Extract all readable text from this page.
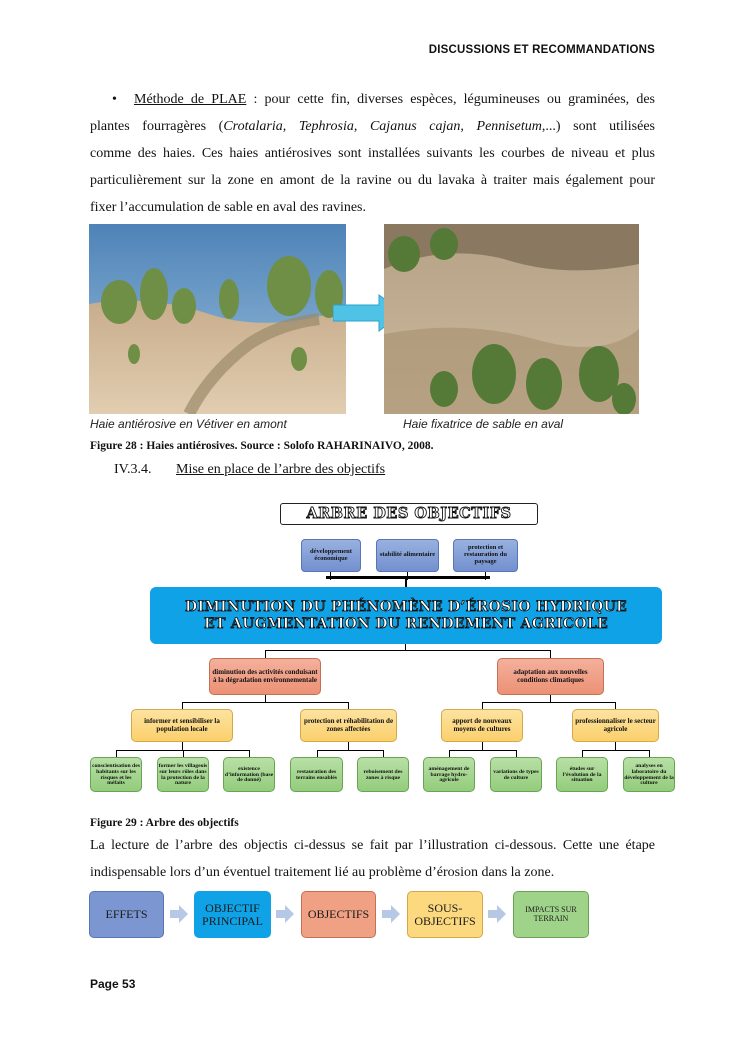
DISCUSSIONS ET RECOMMANDATIONS
• Méthode de PLAE : pour cette fin, diverses espèces, légumineuses ou graminées, des
plantes fourragères (Crotalaria, Tephrosia, Cajanus cajan, Pennisetum,...) sont utilisées
comme des haies. Ces haies antiérosives sont installées suivants les courbes de niveau et plus
particulièrement sur la zone en amont de la ravine ou du lavaka à traiter mais également pour
fixer l’accumulation de sable en aval des ravines.
Haie antiérosive en Vétiver en amont	Haie fixatrice de sable en aval
Figure 28 : Haies antiérosives. Source : Solofo RAHARINAIVO, 2008.
IV.3.4. Mise en place de l’arbre des objectifs
ARBRE DES OBJECTIFS
développement économique	stabilité alimentaire
protection et restauration du paysage
DIMINUTION DU PHÉNOMÈNE D’ÉROSIO HYDRIQUE ET AUGMENTATION DU RENDEMENT AGRICOLE
diminution des activités conduisant à la dégradation environnementale
adaptation aux nouvelles conditions climatiques
informer et sensibiliser la population locale
protection et réhabilitation de zones affectées
apport de nouveaux moyens de cultures
professionnaliser le secteur agricole
conscientisation des habitants sur les risques et les méfaits
former les villageois sur leurs rôles dans la protection de la nature
existence d’information (base de donné)
restauration des terrains ensablés
reboisement des zones à risque
aménagement de barrage hydro-agricole
variations de types de culture
études sur l’évolution de la situation
analyses en laboratoire du développement de la culture
Figure 29 : Arbre des objectifs
La lecture de l’arbre des objectis ci-dessus se fait par l’illustration ci-dessous. Cette une étape
indispensable lors d’un éventuel traitement lié au problème d’érosion dans la zone.
EFFETS	OBJECTIF PRINCIPAL	OBJECTIFS	SOUS-OBJECTIFS
IMPACTS SUR TERRAIN
Page 53
